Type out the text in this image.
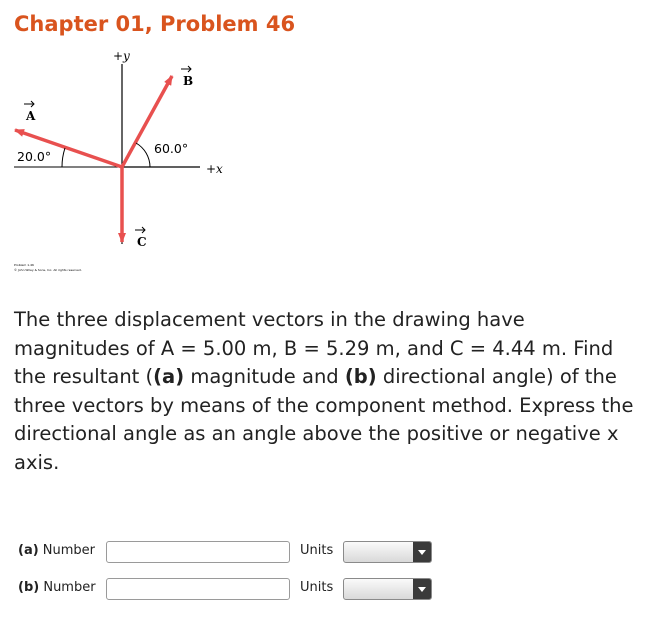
Chapter 01, Problem 46
+y
+x
A
B
C
20.0°
60.0°
Problem 1.46
© John Wiley & Sons, Inc. All rights reserved.

The three displacement vectors in the drawing have magnitudes of A = 5.00 m, B = 5.29 m, and C = 4.44 m. Find the resultant ((a) magnitude and (b) directional angle) of the three vectors by means of the component method. Express the directional angle as an angle above the positive or negative x axis.

(a) Number	Units
(b) Number	Units
